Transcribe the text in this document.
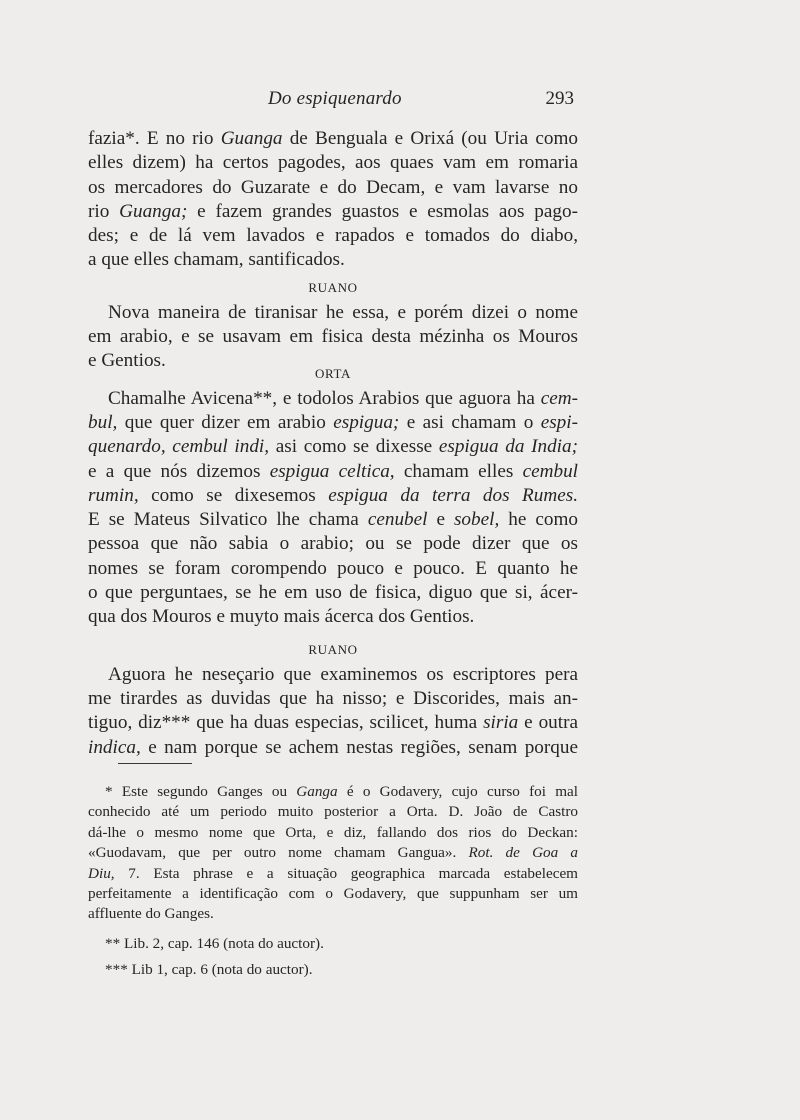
Do espiquenardo	293

fazia*. E no rio Guanga de Benguala e Orixá (ou Uria como
elles dizem) ha certos pagodes, aos quaes vam em romaria
os mercadores do Guzarate e do Decam, e vam lavarse no
rio Guanga; e fazem grandes guastos e esmolas aos pago-
des; e de lá vem lavados e rapados e tomados do diabo,
a que elles chamam, santificados.

RUANO

Nova maneira de tiranisar he essa, e porém dizei o nome
em arabio, e se usavam em fisica desta mézinha os Mouros
e Gentios.

ORTA

Chamalhe Avicena**, e todolos Arabios que aguora ha cem-
bul, que quer dizer em arabio espigua; e asi chamam o espi-
quenardo, cembul indi, asi como se dixesse espigua da India;
e a que nós dizemos espigua celtica, chamam elles cembul
rumin, como se dixesemos espigua da terra dos Rumes.
E se Mateus Silvatico lhe chama cenubel e sobel, he como
pessoa que não sabia o arabio; ou se pode dizer que os
nomes se foram corompendo pouco e pouco. E quanto he
o que perguntaes, se he em uso de fisica, diguo que si, ácer-
qua dos Mouros e muyto mais ácerca dos Gentios.

RUANO

Aguora he neseçario que examinemos os escriptores pera
me tirardes as duvidas que ha nisso; e Discorides, mais an-
tiguo, diz*** que ha duas especias, scilicet, huma siria e outra
indica, e nam porque se achem nestas regiões, senam porque

* Este segundo Ganges ou Ganga é o Godavery, cujo curso foi mal
conhecido até um periodo muito posterior a Orta. D. João de Castro
dá-lhe o mesmo nome que Orta, e diz, fallando dos rios do Deckan:
«Guodavam, que per outro nome chamam Gangua». Rot. de Goa a
Diu, 7. Esta phrase e a situação geographica marcada estabelecem
perfeitamente a identificação com o Godavery, que suppunham ser um
affluente do Ganges.
** Lib. 2, cap. 146 (nota do auctor).
*** Lib 1, cap. 6 (nota do auctor).
